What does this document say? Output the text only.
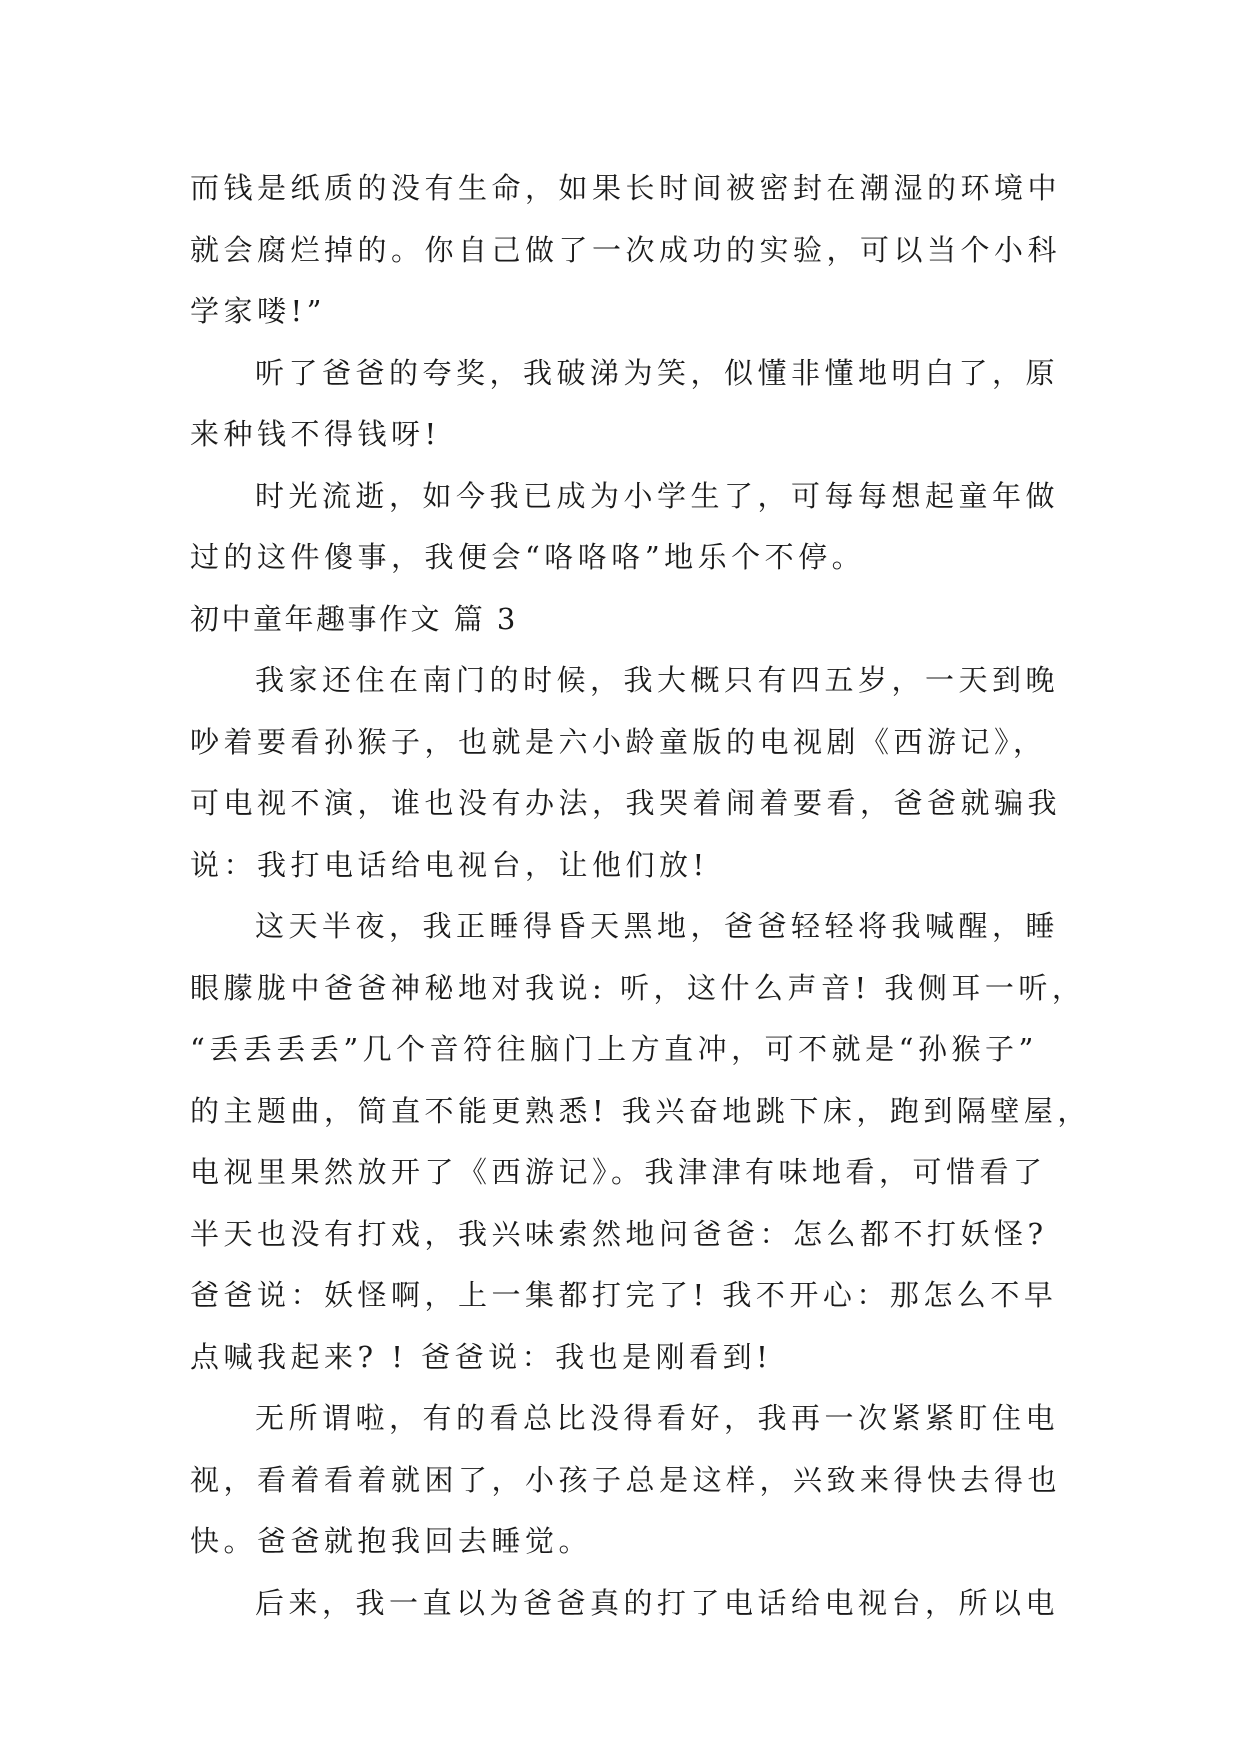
而钱是纸质的没有生命，如果长时间被密封在潮湿的环境中
就会腐烂掉的。你自己做了一次成功的实验，可以当个小科
学家喽!”
听了爸爸的夸奖，我破涕为笑，似懂非懂地明白了，原
来种钱不得钱呀!
时光流逝，如今我已成为小学生了，可每每想起童年做
过的这件傻事，我便会“咯咯咯”地乐个不停。
初中童年趣事作文 篇 3
我家还住在南门的时候，我大概只有四五岁，一天到晚
吵着要看孙猴子，也就是六小龄童版的电视剧《西游记》，
可电视不演，谁也没有办法，我哭着闹着要看，爸爸就骗我
说：我打电话给电视台，让他们放!
这天半夜，我正睡得昏天黑地，爸爸轻轻将我喊醒，睡
眼朦胧中爸爸神秘地对我说: 听，这什么声音! 我侧耳一听，
“丢丢丢丢”几个音符往脑门上方直冲，可不就是“孙猴子”
的主题曲，简直不能更熟悉! 我兴奋地跳下床，跑到隔壁屋，
电视里果然放开了《西游记》。我津津有味地看，可惜看了
半天也没有打戏，我兴味索然地问爸爸：怎么都不打妖怪?
爸爸说：妖怪啊，上一集都打完了! 我不开心：那怎么不早
点喊我起来? ! 爸爸说：我也是刚看到!
无所谓啦，有的看总比没得看好，我再一次紧紧盯住电
视，看着看着就困了，小孩子总是这样，兴致来得快去得也
快。爸爸就抱我回去睡觉。
后来，我一直以为爸爸真的打了电话给电视台，所以电
